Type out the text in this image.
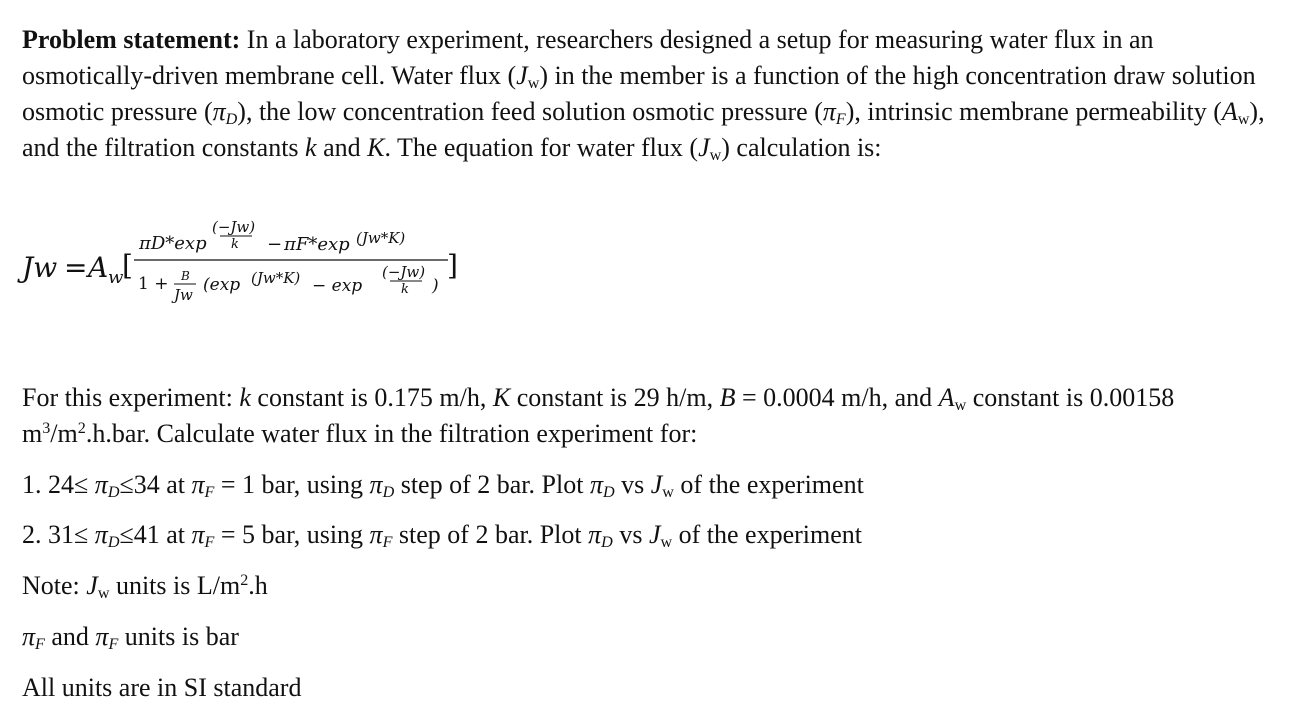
Problem statement: In a laboratory experiment, researchers designed a setup for measuring water flux in an osmotically-driven membrane cell. Water flux $(J_w)$ in the member is a function of the high concentration draw solution osmotic pressure $(\pi_D)$, the low concentration feed solution osmotic pressure $(\pi_F)$, intrinsic membrane permeability $(A_w)$, and the filtration constants k and K. The equation for water flux $(J_w)$ calculation is:
Jw = A w
[
πD*exp
(−Jw)
k − πF*exp (Jw*K)
1 + B
Jw (exp (Jw*K) − exp
(−Jw)
k )
]
For this experiment: k constant is 0.175 m/h, K constant is 29 h/m, B = 0.0004 m/h, and $A_w$ constant is 0.00158 $m^3/m^2.h.bar$. Calculate water flux in the filtration experiment for:
1. $24\le \pi_D\le 34$ at $\pi_F = 1$ bar, using $\pi_D$ step of 2 bar. Plot $\pi_D$ vs $J_w$ of the experiment
2. $31\le \pi_D\le 41$ at $\pi_F = 5$ bar, using $\pi_F$ step of 2 bar. Plot $\pi_D$ vs $J_w$ of the experiment
Note: $J_w$ units is $L/m^2.h$
$\pi_F$ and $\pi_F$ units is bar
All units are in SI standard
